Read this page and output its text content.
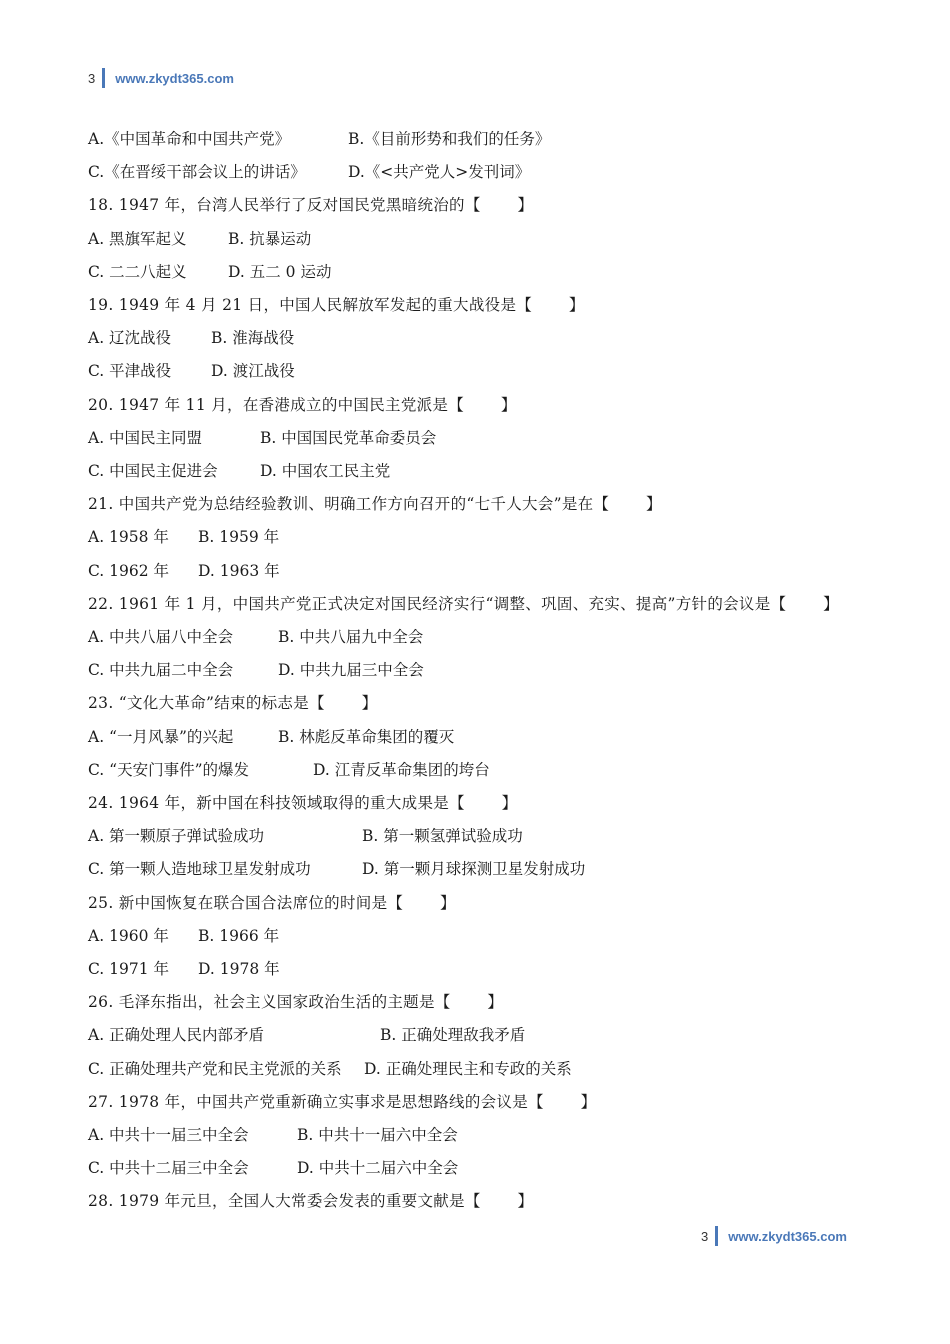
3 www.zkydt365.com
A.《中国革命和中国共产党》	B.《目前形势和我们的任务》
C.《在晋绥干部会议上的讲话》	D.《<共产党人>发刊词》
18. 1947 年，台湾人民举行了反对国民党黑暗统治的【 　　】
A. 黑旗军起义	B. 抗暴运动
C. 二二八起义	D. 五二 0 运动
19. 1949 年 4 月 21 日，中国人民解放军发起的重大战役是【 　　】
A. 辽沈战役	B. 淮海战役
C. 平津战役	D. 渡江战役
20. 1947 年 11 月，在香港成立的中国民主党派是【 　　】
A. 中国民主同盟	B. 中国国民党革命委员会
C. 中国民主促进会	D. 中国农工民主党
21. 中国共产党为总结经验教训、明确工作方向召开的“七千人大会”是在【 　　】
A. 1958 年 B. 1959 年
C. 1962 年 D. 1963 年
22. 1961 年 1 月，中国共产党正式决定对国民经济实行“调整、巩固、充实、提高”方针的会议是【 　　】
A. 中共八届八中全会	B. 中共八届九中全会
C. 中共九届二中全会	D. 中共九届三中全会
23. “文化大革命”结束的标志是【 　　】
A. “一月风暴”的兴起	B. 林彪反革命集团的覆灭
C. “天安门事件”的爆发	D. 江青反革命集团的垮台
24. 1964 年，新中国在科技领域取得的重大成果是【 　　】
A. 第一颗原子弹试验成功	B. 第一颗氢弹试验成功
C. 第一颗人造地球卫星发射成功	D. 第一颗月球探测卫星发射成功
25. 新中国恢复在联合国合法席位的时间是【 　　】
A. 1960 年 B. 1966 年
C. 1971 年 D. 1978 年
26. 毛泽东指出，社会主义国家政治生活的主题是【 　　】
A. 正确处理人民内部矛盾	B. 正确处理敌我矛盾
C. 正确处理共产党和民主党派的关系 D. 正确处理民主和专政的关系
27. 1978 年，中国共产党重新确立实事求是思想路线的会议是【 　　】
A. 中共十一届三中全会	B. 中共十一届六中全会
C. 中共十二届三中全会	D. 中共十二届六中全会
28. 1979 年元旦，全国人大常委会发表的重要文献是【 　　】
3 www.zkydt365.com
